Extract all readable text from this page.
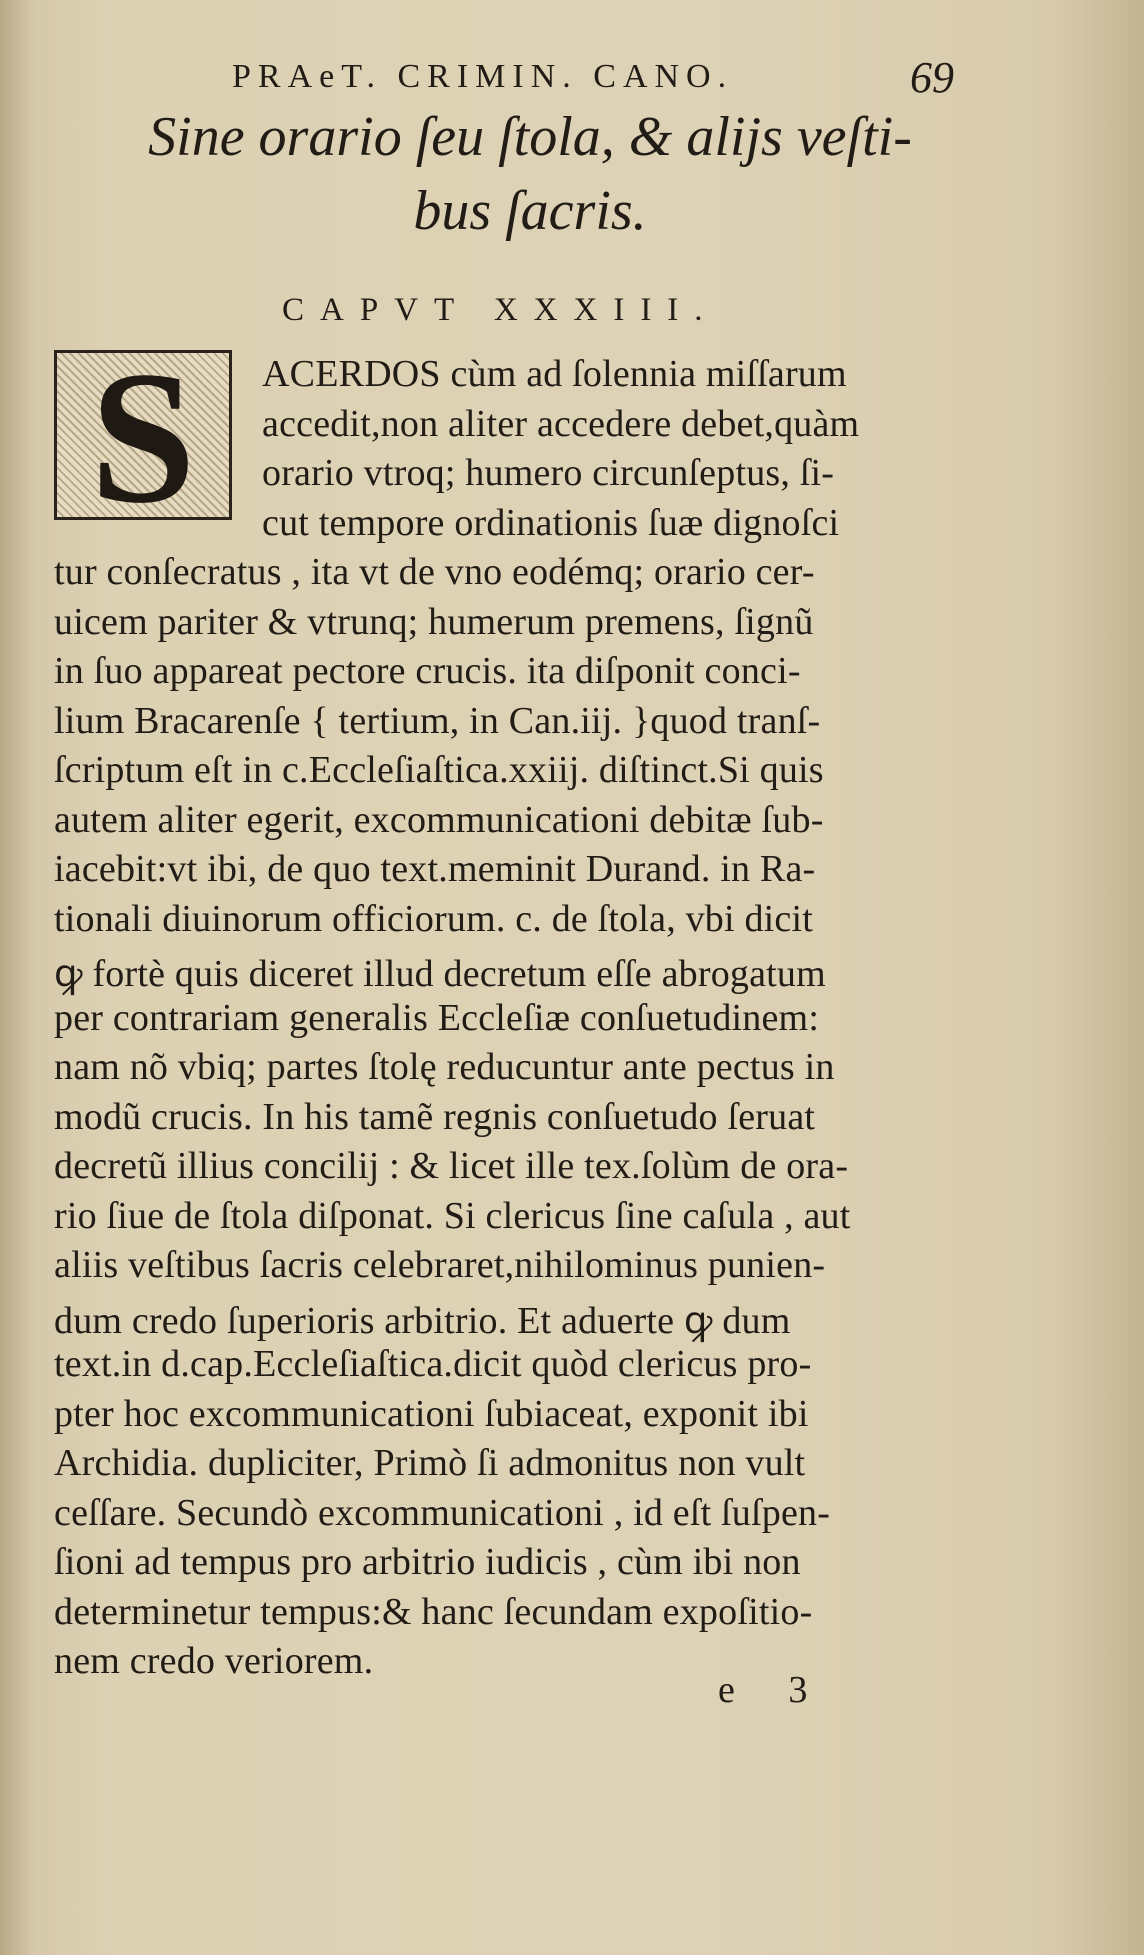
PRAeT. CRIMIN. CANO.	69
Sine orario ſeu ſtola, & alijs veſti-
bus ſacris.
CAPVT XXXIII.
S	ACERDOS cùm ad ſolennia miſſarum
accedit,non aliter accedere debet,quàm
orario vtroq; humero circunſeptus, ſi-
cut tempore ordinationis ſuæ dignoſci
tur conſecratus , ita vt de vno eodémq; orario cer-
uicem pariter & vtrunq; humerum premens, ſignũ
in ſuo appareat pectore crucis. ita diſponit conci-
lium Bracarenſe { tertium, in Can.iij. }quod tranſ-
ſcriptum eſt in c.Eccleſiaſtica.xxiij. diſtinct.Si quis
autem aliter egerit, excommunicationi debitæ ſub-
iacebit:vt ibi, de quo text.meminit Durand. in Ra-
tionali diuinorum officiorum. c. de ſtola, vbi dicit
ꝙ fortè quis diceret illud decretum eſſe abrogatum
per contrariam generalis Eccleſiæ conſuetudinem:
nam nõ vbiq; partes ſtolę reducuntur ante pectus in
modũ crucis. In his tamẽ regnis conſuetudo ſeruat
decretũ illius concilij : & licet ille tex.ſolùm de ora-
rio ſiue de ſtola diſponat. Si clericus ſine caſula , aut
aliis veſtibus ſacris celebraret,nihilominus punien-
dum credo ſuperioris arbitrio. Et aduerte ꝙ dum
text.in d.cap.Eccleſiaſtica.dicit quòd clericus pro-
pter hoc excommunicationi ſubiaceat, exponit ibi
Archidia. dupliciter, Primò ſi admonitus non vult
ceſſare. Secundò excommunicationi , id eſt ſuſpen-
ſioni ad tempus pro arbitrio iudicis , cùm ibi non
determinetur tempus:& hanc ſecundam expoſitio-
nem credo veriorem.
e 3
